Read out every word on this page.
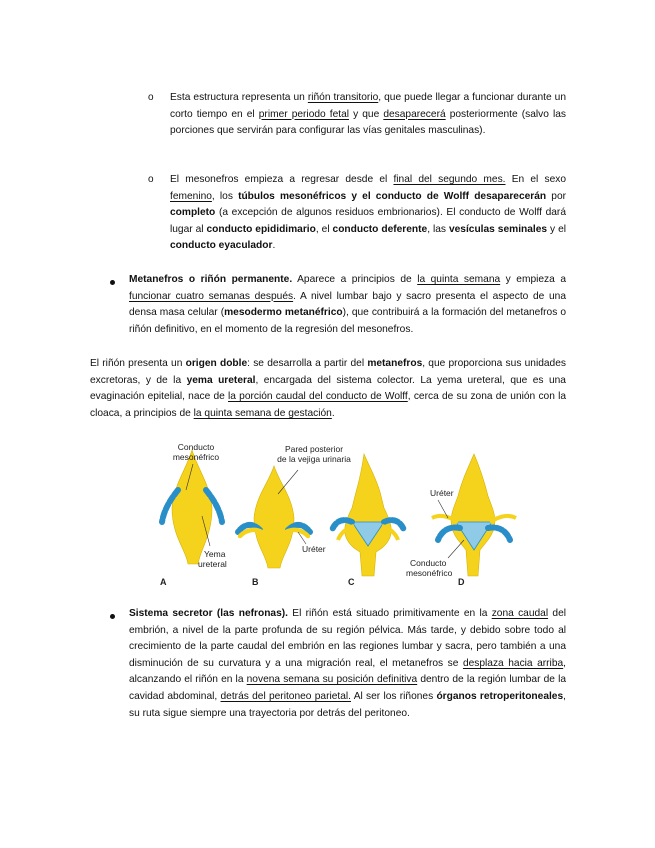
o	Esta estructura representa un riñón transitorio, que puede llegar a funcionar durante un corto tiempo en el primer periodo fetal y que desaparecerá posteriormente (salvo las porciones que servirán para configurar las vías genitales masculinas).

o	El mesonefros empieza a regresar desde el final del segundo mes. En el sexo femenino, los túbulos mesonéfricos y el conducto de Wolff desaparecerán por completo (a excepción de algunos residuos embrionarios). El conducto de Wolff dará lugar al conducto epididimario, el conducto deferente, las vesículas seminales y el conducto eyaculador.

Metanefros o riñón permanente. Aparece a principios de la quinta semana y empieza a funcionar cuatro semanas después. A nivel lumbar bajo y sacro presenta el aspecto de una densa masa celular (mesodermo metanéfrico), que contribuirá a la formación del metanefros o riñón definitivo, en el momento de la regresión del mesonefros.

El riñón presenta un origen doble: se desarrolla a partir del metanefros, que proporciona sus unidades excretoras, y de la yema ureteral, encargada del sistema colector. La yema ureteral, que es una evaginación epitelial, nace de la porción caudal del conducto de Wolff, cerca de su zona de unión con la cloaca, a principios de la quinta semana de gestación.

Conducto
mesonéfrico
Yema
ureteral
A
Pared posterior
de la vejiga urinaria
Uréter
B	C
Uréter
Conducto
mesonéfrico
D

Sistema secretor (las nefronas). El riñón está situado primitivamente en la zona caudal del embrión, a nivel de la parte profunda de su región pélvica. Más tarde, y debido sobre todo al crecimiento de la parte caudal del embrión en las regiones lumbar y sacra, pero también a una disminución de su curvatura y a una migración real, el metanefros se desplaza hacia arriba, alcanzando el riñón en la novena semana su posición definitiva dentro de la región lumbar de la cavidad abdominal, detrás del peritoneo parietal. Al ser los riñones órganos retroperitoneales, su ruta sigue siempre una trayectoria por detrás del peritoneo.
